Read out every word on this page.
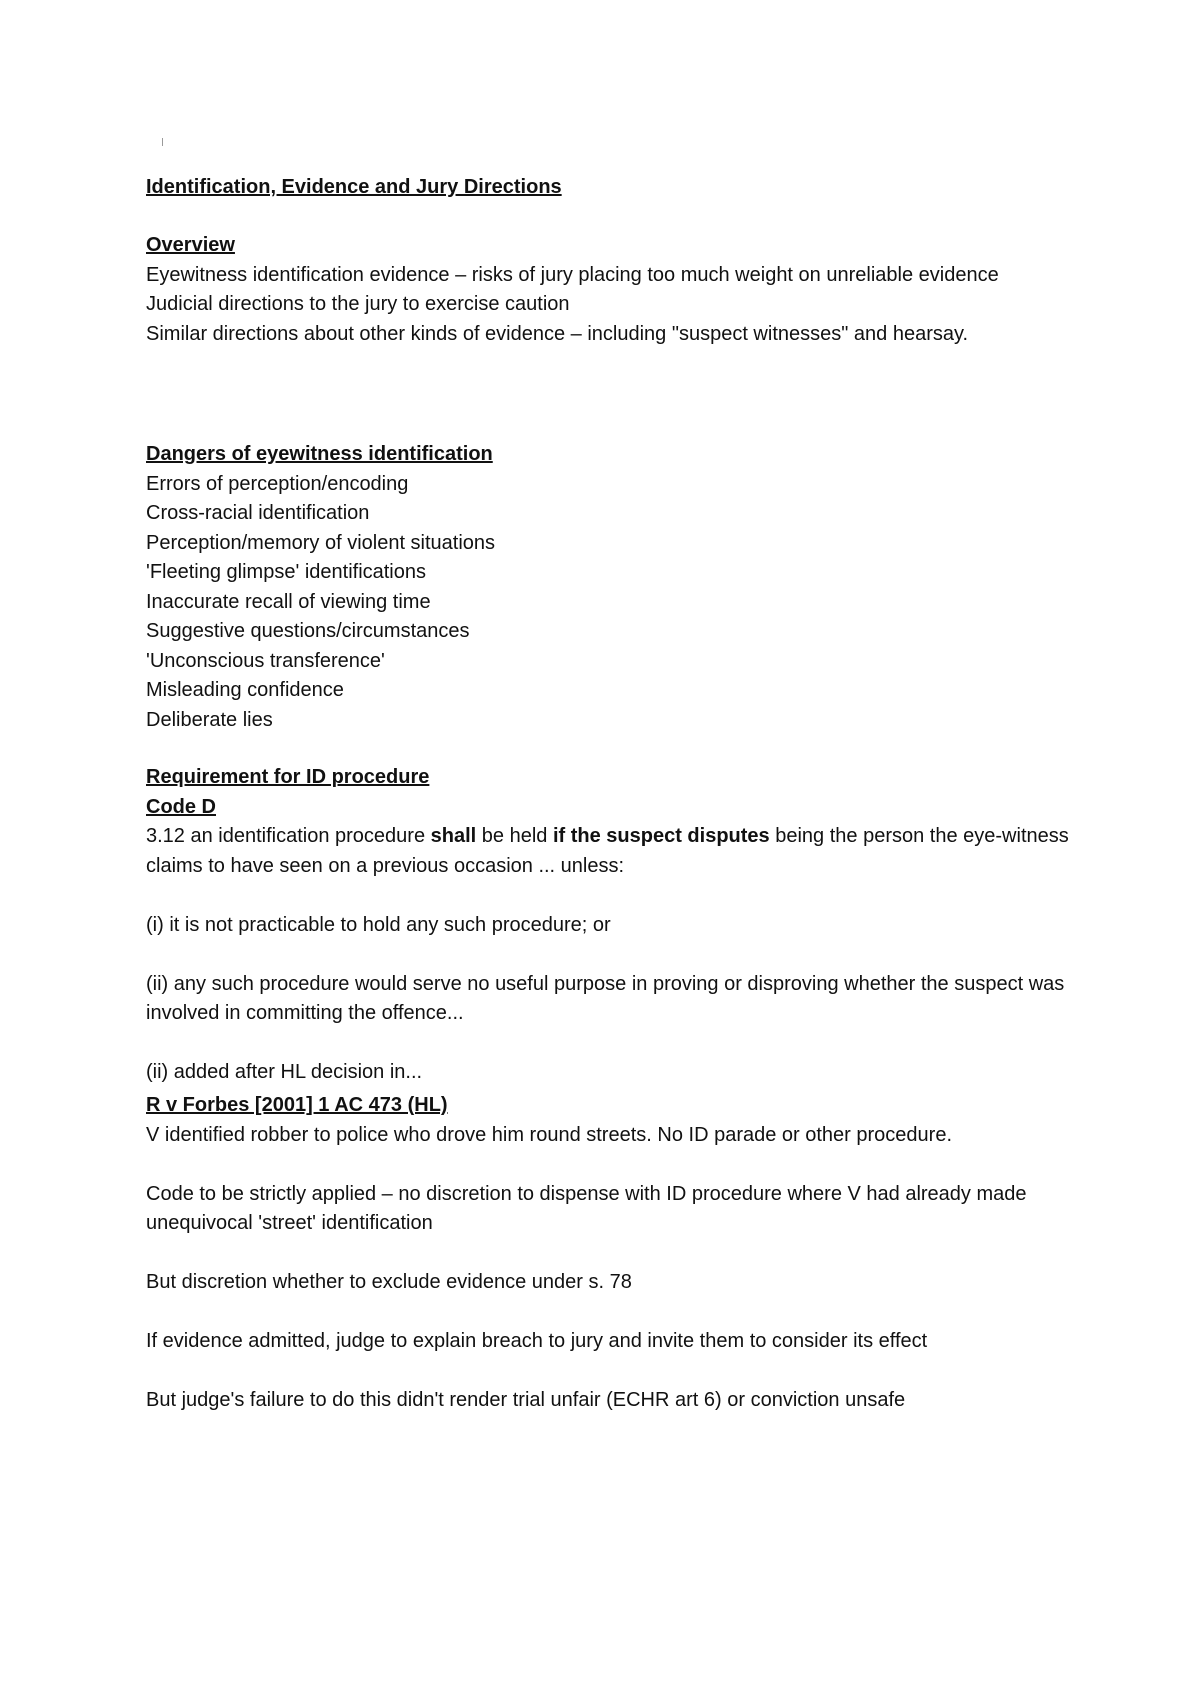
Identification, Evidence and Jury Directions
Overview
Eyewitness identification evidence – risks of jury placing too much weight on unreliable evidence
Judicial directions to the jury to exercise caution
Similar directions about other kinds of evidence – including "suspect witnesses" and hearsay.
Dangers of eyewitness identification
Errors of perception/encoding
Cross-racial identification
Perception/memory of violent situations
'Fleeting glimpse' identifications
Inaccurate recall of viewing time
Suggestive questions/circumstances
'Unconscious transference'
Misleading confidence
Deliberate lies
Requirement for ID procedure
Code D
3.12 an identification procedure shall be held if the suspect disputes being the person the eye-witness claims to have seen on a previous occasion ... unless:
(i) it is not practicable to hold any such procedure; or
(ii) any such procedure would serve no useful purpose in proving or disproving whether the suspect was involved in committing the offence...
(ii) added after HL decision in...
R v Forbes [2001] 1 AC 473 (HL)
V identified robber to police who drove him round streets. No ID parade or other procedure.
Code to be strictly applied – no discretion to dispense with ID procedure where V had already made unequivocal 'street' identification
But discretion whether to exclude evidence under s. 78
If evidence admitted, judge to explain breach to jury and invite them to consider its effect
But judge's failure to do this didn't render trial unfair (ECHR art 6) or conviction unsafe
